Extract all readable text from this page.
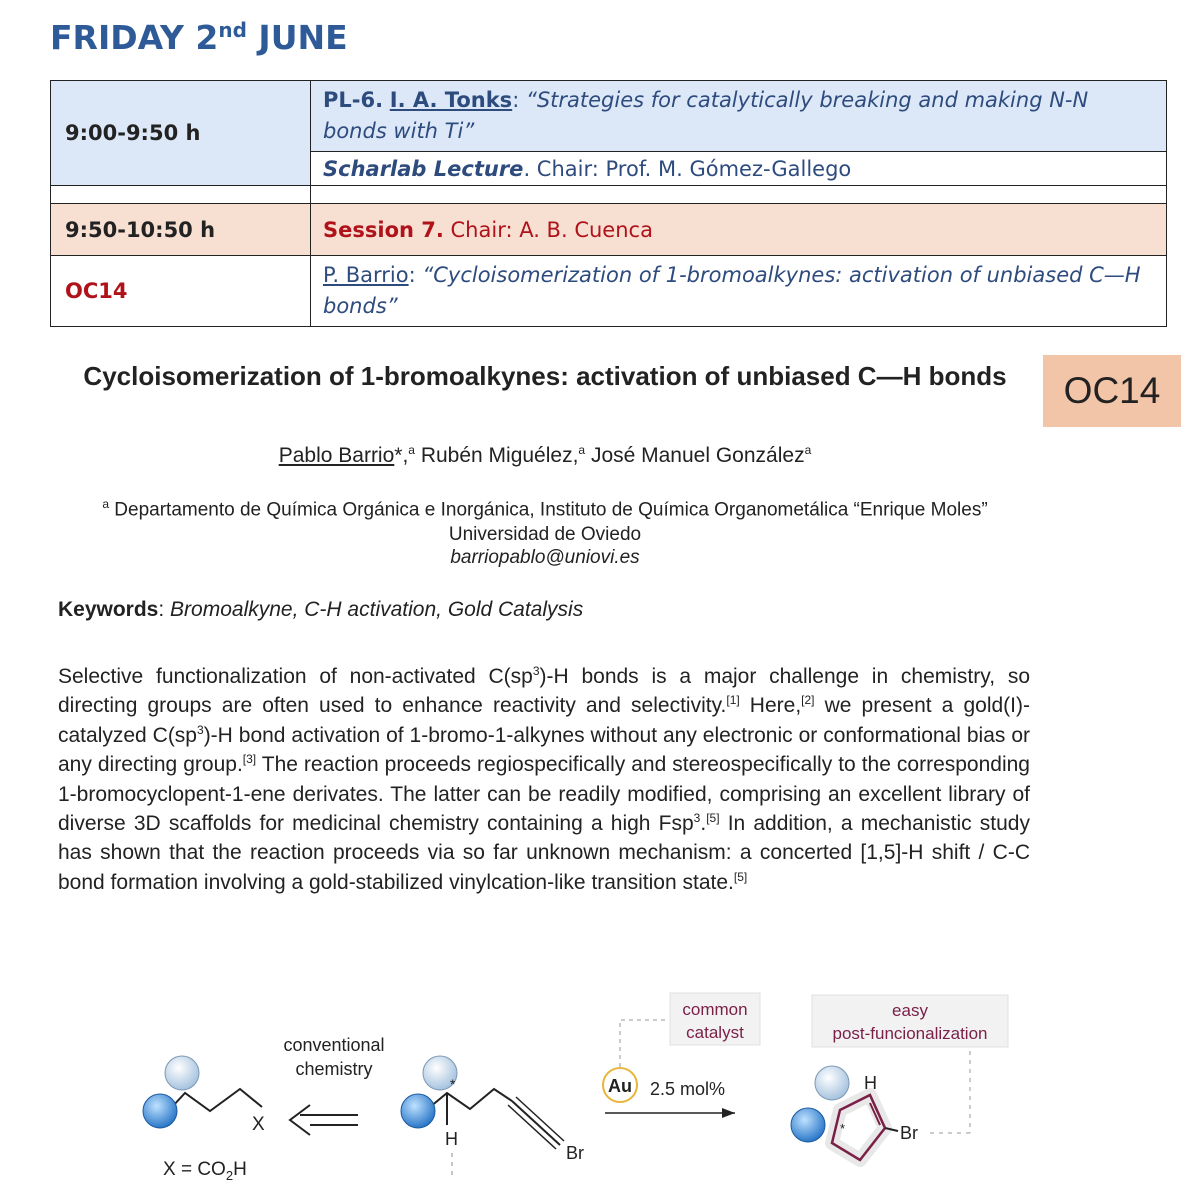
FRIDAY 2nd JUNE
9:00-9:50 h	PL-6. I. A. Tonks: “Strategies for catalytically breaking and making N-N bonds with Ti”
	Scharlab Lecture. Chair: Prof. M. Gómez-Gallego

9:50-10:50 h	Session 7. Chair: A. B. Cuenca
OC14	P. Barrio: “Cycloisomerization of 1-bromoalkynes: activation of unbiased C—H bonds”
Cycloisomerization of 1-bromoalkynes: activation of unbiased C—H bonds	OC14
Pablo Barrio*,$^a$ Rubén Miguélez,$^a$ José Manuel González$^a$
$^a$ Departamento de Química Orgánica e Inorgánica, Instituto de Química Organometálica “Enrique Moles” Universidad de Oviedo
barriopablo@uniovi.es
Keywords: Bromoalkyne, C-H activation, Gold Catalysis
Selective functionalization of non-activated $C(sp^3)-H$ bonds is a major challenge in chemistry, so directing groups are often used to enhance reactivity and selectivity.[1] Here,[2] we present a gold(I)-catalyzed $C(sp^3)-H$ bond activation of 1-bromo-1-alkynes without any electronic or conformational bias or any directing group.[3] The reaction proceeds regiospecifically and stereospecifically to the corresponding 1-bromocyclopent-1-ene derivates. The latter can be readily modified, comprising an excellent library of diverse 3D scaffolds for medicinal chemistry containing a high Fsp$^3$.[5] In addition, a mechanistic study has shown that the reaction proceeds via so far unknown mechanism: a concerted [1,5]-H shift / C-C bond formation involving a gold-stabilized vinylcation-like transition state.[5]
X
$X = CO_2H$
conventional
chemistry
*
H
Br
Au 2.5 mol%
common
catalyst
easy
post-funcionalization
H
Br
*
